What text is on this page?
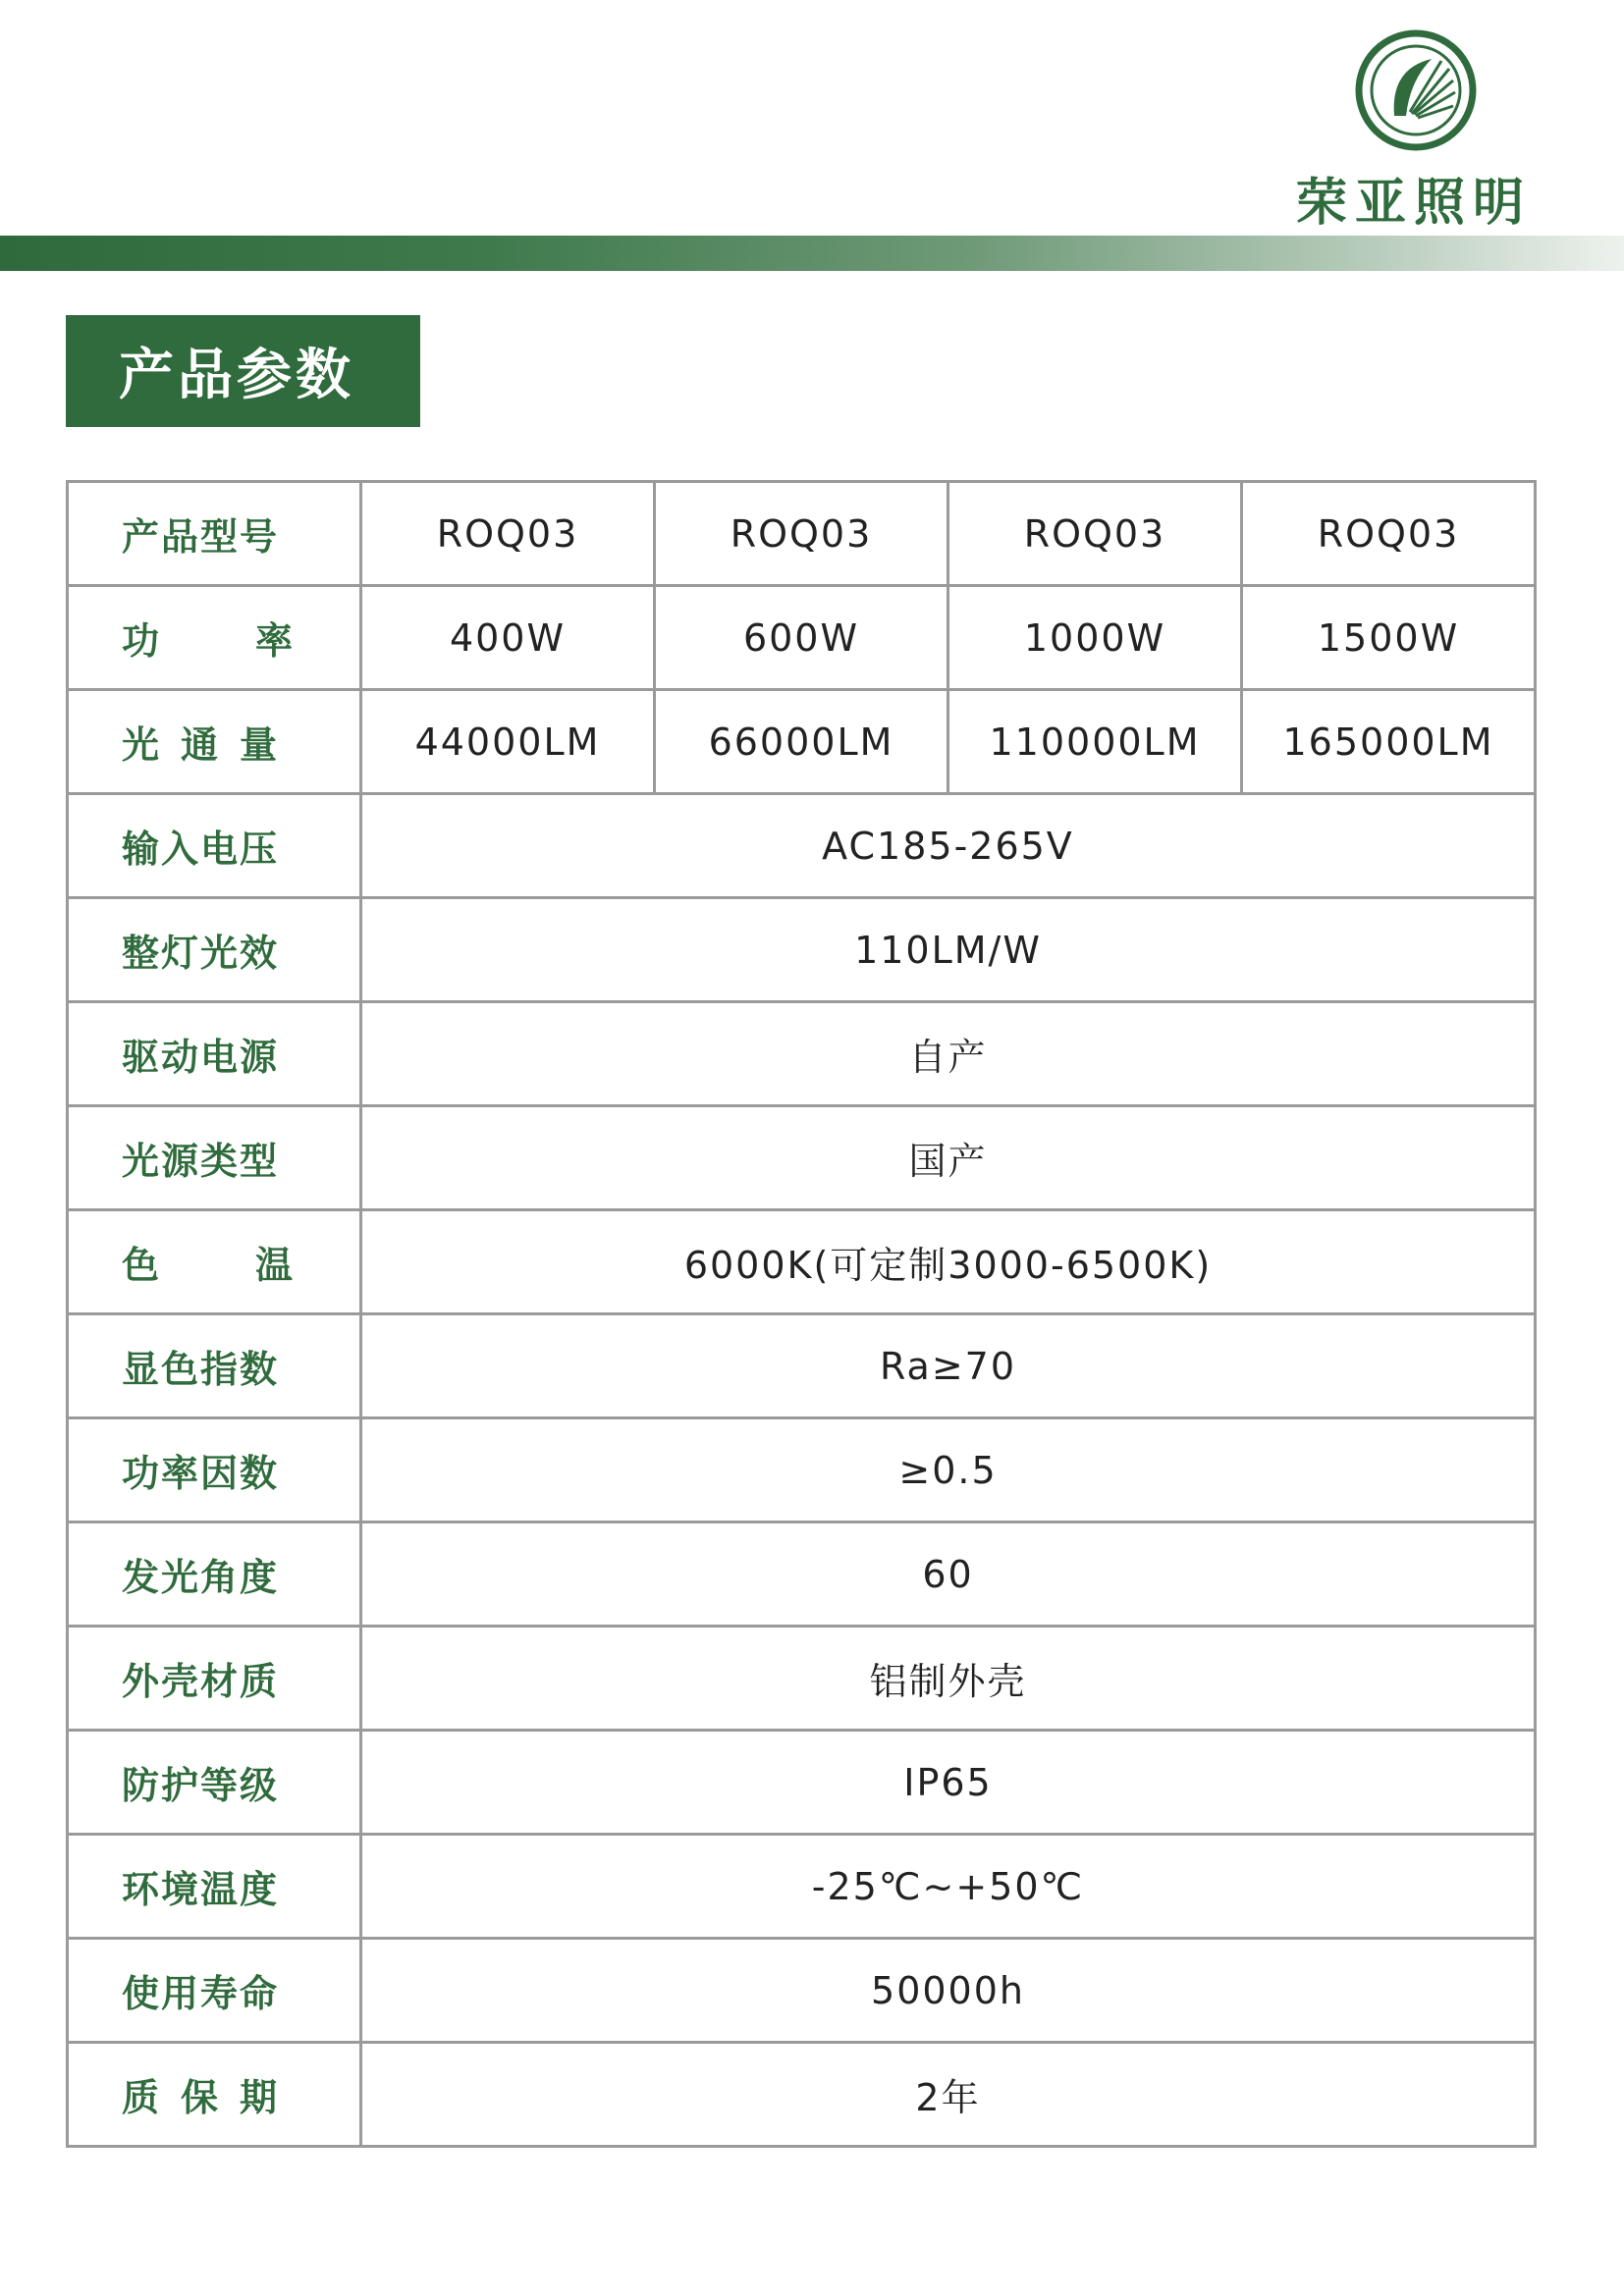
荣亚照明
产品参数
产品型号	ROQ03	ROQ03	ROQ03	ROQ03
功 率	400W	600W	1000W	1500W
光 通 量	44000LM	66000LM	110000LM	165000LM
输入电压	AC185-265V			
整灯光效	110LM/W			
驱动电源	自产			
光源类型	国产			
色 温	6000K(可定制3000-6500K)			
显色指数	Ra≥70			
功率因数	≥0.5			
发光角度	60			
外壳材质	铝制外壳			
防护等级	IP65			
环境温度	-25℃~+50℃			
使用寿命	50000h			
质 保 期	2年			
